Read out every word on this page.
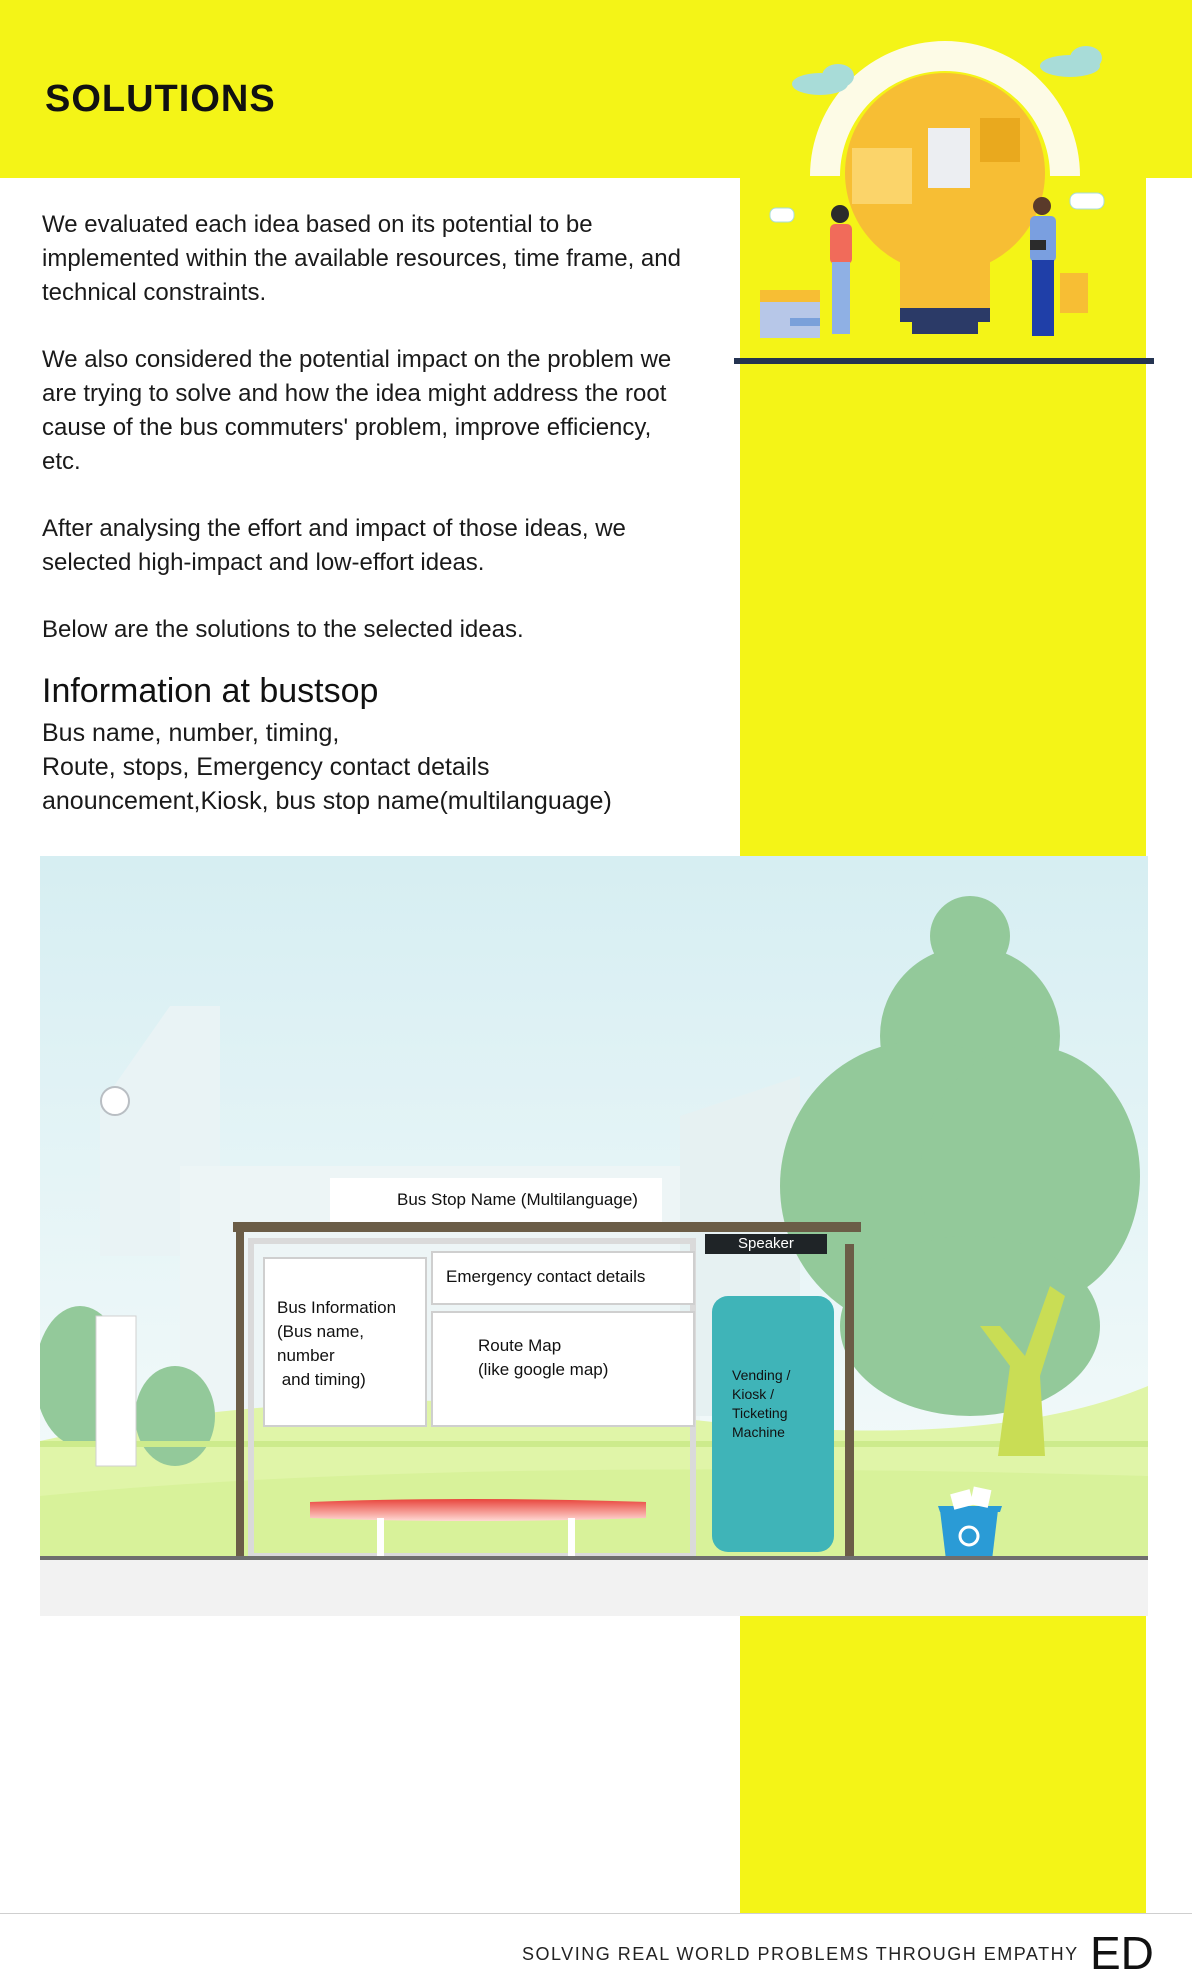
SOLUTIONS

We evaluated each idea based on its potential to be implemented within the available resources, time frame, and technical constraints.

We also considered the potential impact on the problem we are trying to solve and how the idea might address the root cause of the bus commuters' problem, improve efficiency, etc.

After analysing the effort and impact of those ideas, we selected high-impact and low-effort ideas.

Below are the solutions to the selected ideas.

Information at bustsop
Bus name, number, timing,
Route, stops, Emergency contact details
anouncement,Kiosk, bus stop name(multilanguage)
Bus Stop Name (Multilanguage)
Speaker
Emergency contact details
Bus Information
(Bus name,
number
and timing)
Route Map
(like google map)	Vending /
Kiosk /
Ticketing
Machine
SOLVING REAL WORLD PROBLEMS THROUGH EMPATHY ED
